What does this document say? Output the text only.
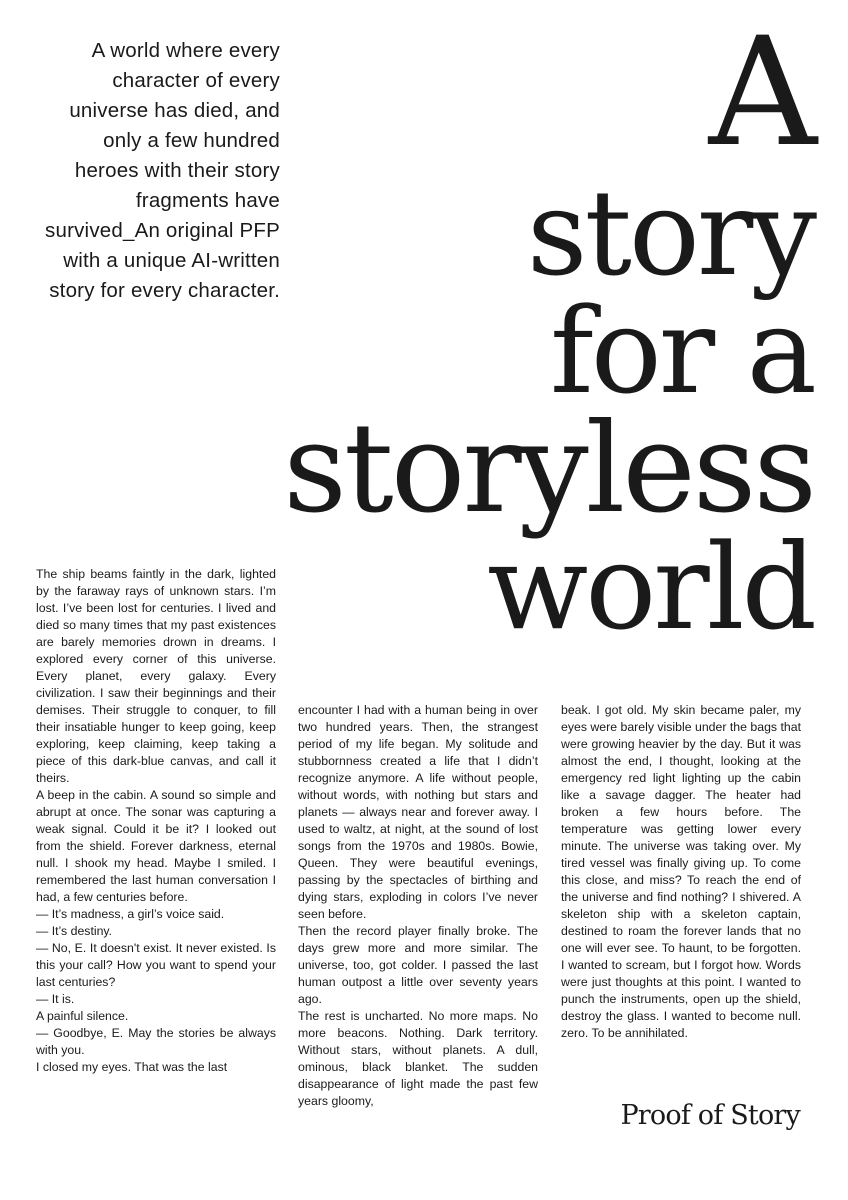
A world where every character of every universe has died, and only a few hundred heroes with their story fragments have survived_An original PFP with a unique AI-written story for every character.

A
story
for a
storyless
world

The ship beams faintly in the dark, lighted by the faraway rays of unknown stars. I’m lost. I’ve been lost for centuries. I lived and died so many times that my past existences are barely memories drown in dreams. I explored every corner of this universe. Every planet, every galaxy. Every civilization. I saw their beginnings and their demises. Their struggle to conquer, to fill their insatiable hunger to keep going, keep exploring, keep claiming, keep taking a piece of this dark-blue canvas, and call it theirs.

A beep in the cabin. A sound so simple and abrupt at once. The sonar was capturing a weak signal. Could it be it? I looked out from the shield. Forever darkness, eternal null. I shook my head. Maybe I smiled. I remembered the last human conversation I had, a few centuries before.

— It’s madness, a girl’s voice said.

— It’s destiny.

— No, E. It doesn't exist. It never existed. Is this your call? How you want to spend your last centuries?

— It is.

A painful silence.

— Goodbye, E. May the stories be always with you.

I closed my eyes. That was the last

encounter I had with a human being in over two hundred years. Then, the strangest period of my life began. My solitude and stubbornness created a life that I didn’t recognize anymore. A life without people, without words, with nothing but stars and planets — always near and forever away. I used to waltz, at night, at the sound of lost songs from the 1970s and 1980s. Bowie, Queen. They were beautiful evenings, passing by the spectacles of birthing and dying stars, exploding in colors I’ve never seen before.

Then the record player finally broke. The days grew more and more similar. The universe, too, got colder. I passed the last human outpost a little over seventy years ago.

The rest is uncharted. No more maps. No more beacons. Nothing. Dark territory. Without stars, without planets. A dull, ominous, black blanket. The sudden disappearance of light made the past few years gloomy,

beak. I got old. My skin became paler, my eyes were barely visible under the bags that were growing heavier by the day. But it was almost the end, I thought, looking at the emergency red light lighting up the cabin like a savage dagger. The heater had broken a few hours before. The temperature was getting lower every minute. The universe was taking over. My tired vessel was finally giving up. To come this close, and miss? To reach the end of the universe and find nothing? I shivered. A skeleton ship with a skeleton captain, destined to roam the forever lands that no one will ever see. To haunt, to be forgotten. I wanted to scream, but I forgot how. Words were just thoughts at this point. I wanted to punch the instruments, open up the shield, destroy the glass. I wanted to become null. zero. To be annihilated.

Proof of Story
